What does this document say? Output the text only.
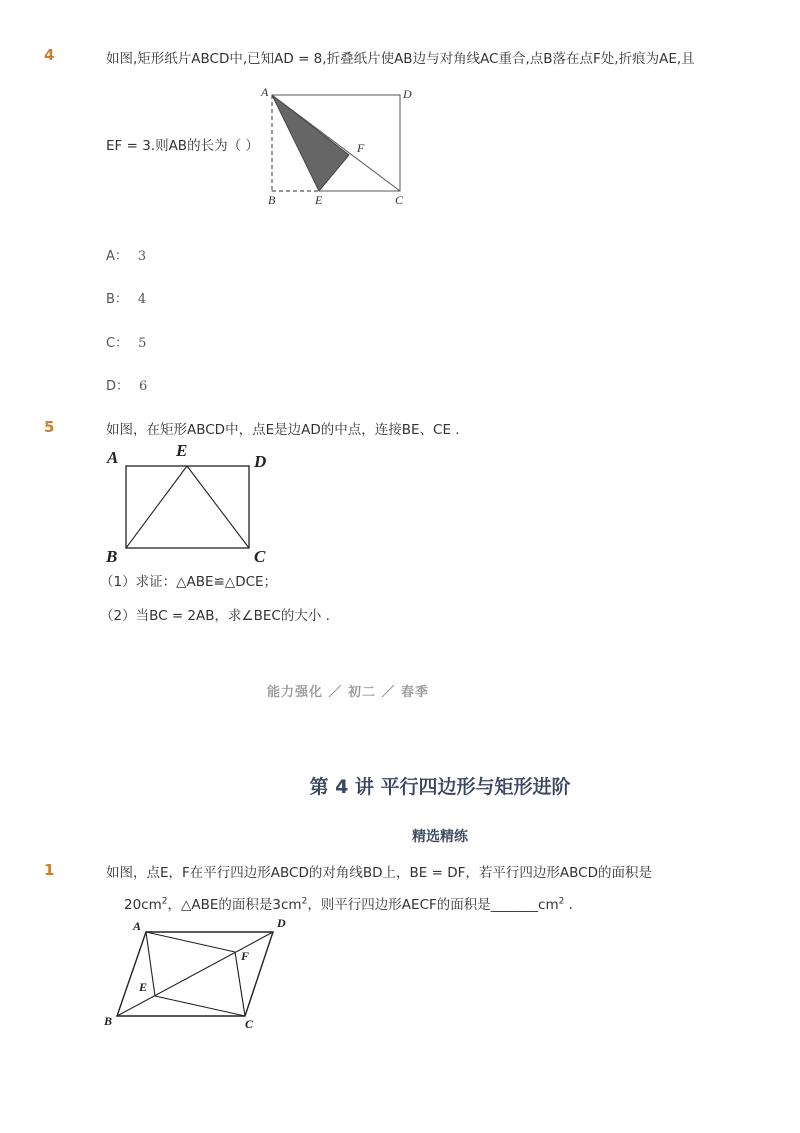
4	如图,矩形纸片ABCD中,已知AD = 8,折叠纸片使AB边与对角线AC重合,点B落在点F处,折痕为AE,且
EF = 3.则AB的长为（ ）
A	D
F
B	E	C
A： 3
B： 4
C： 5
D： 6
5	如图，在矩形ABCD中，点E是边AD的中点，连接BE、CE .
A	E
D
B	C
（1）求证：△ABE≌△DCE；
（2）当BC = 2AB，求∠BEC的大小 .
能力强化 ／ 初二 ／ 春季
第 4 讲 平行四边形与矩形进阶
精选精练
1	如图，点E，F在平行四边形ABCD的对角线BD上，BE = DF，若平行四边形ABCD的面积是
$20cm^2$，△ABE的面积是$3cm^2$，则平行四边形AECF的面积是$\_\_\_\_\_\_\_cm^2$ .
A	D
F
E
B	C
